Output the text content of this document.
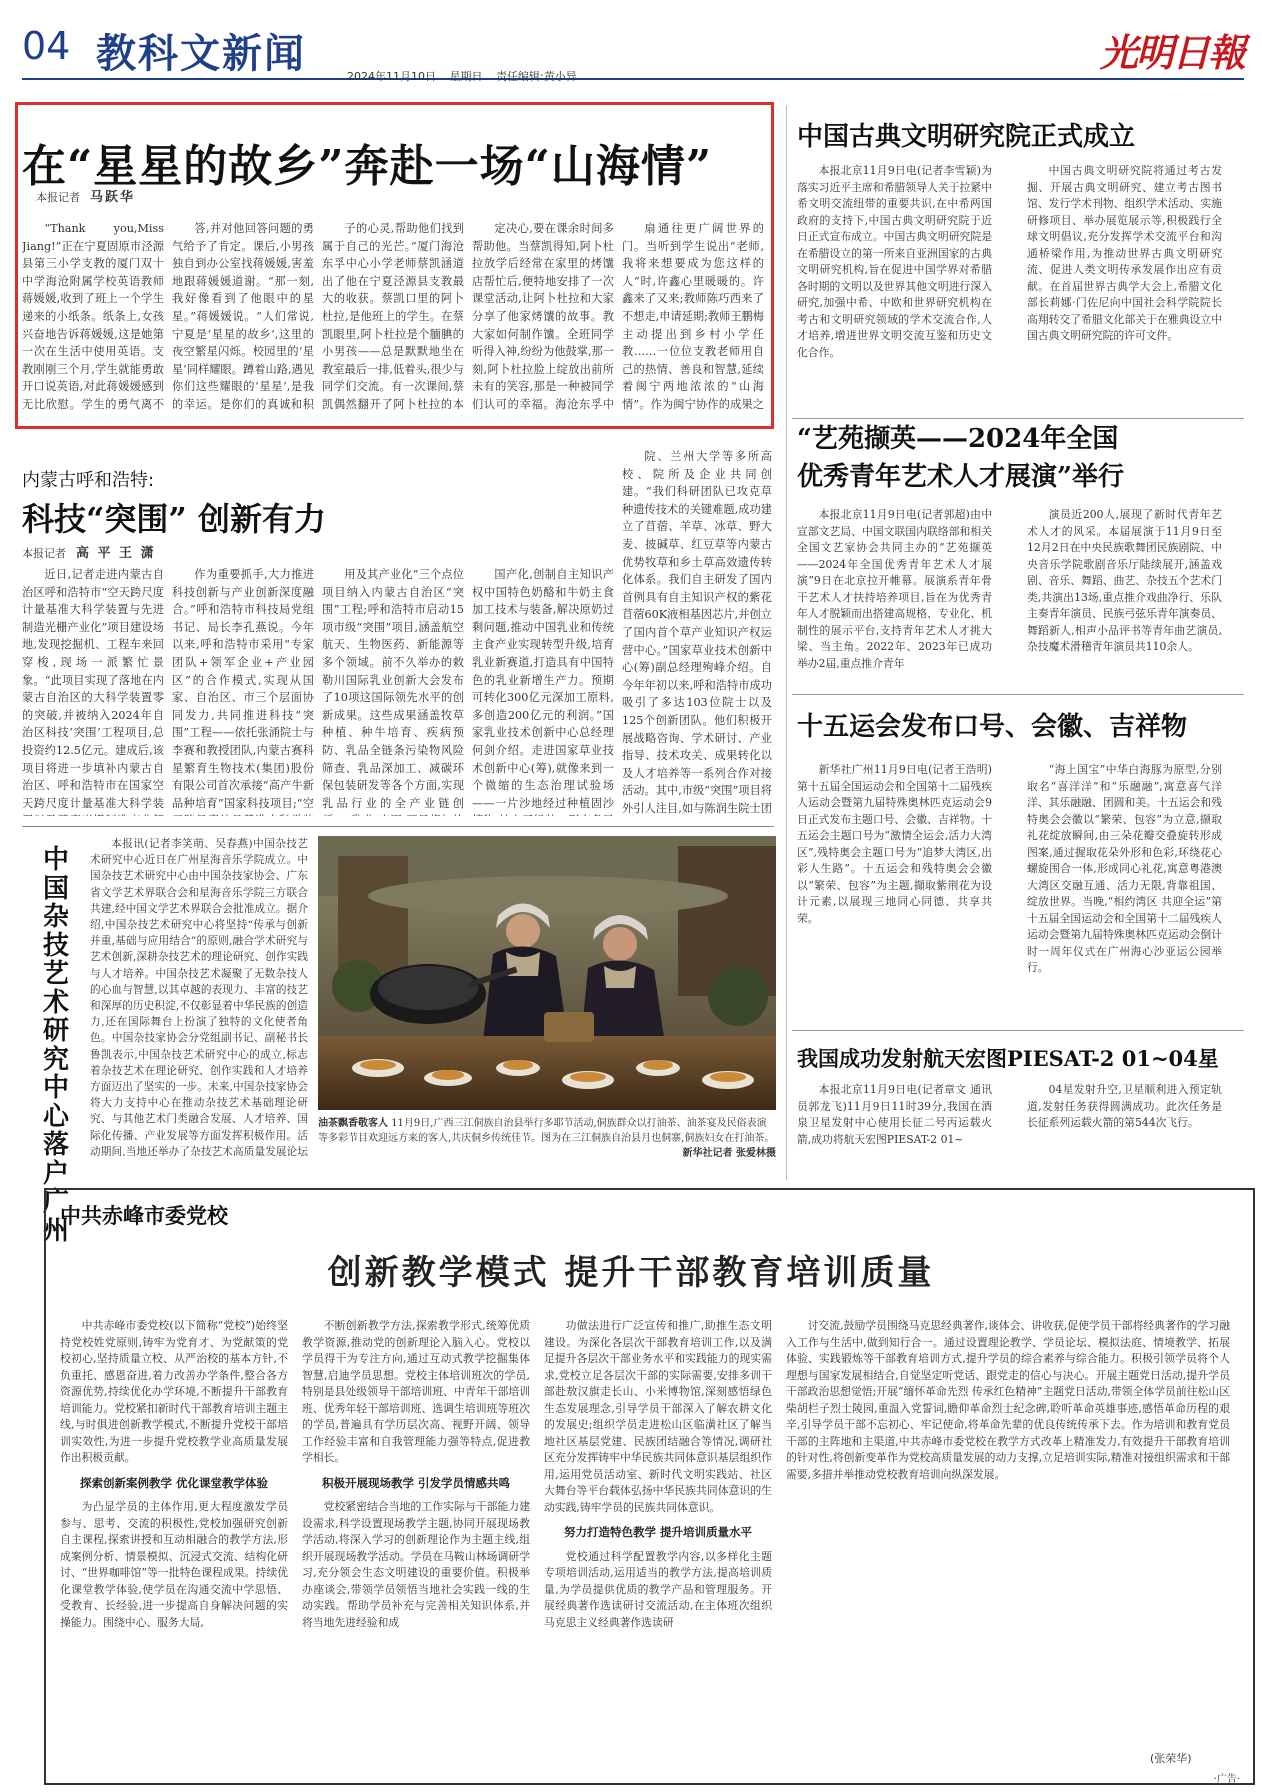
04 教科文新闻	2024年11月10日 星期日 责任编辑:黄小异
光明日報
在“星星的故乡”奔赴一场“山海情”
本报记者 马跃华
“Thank you,Miss Jiang!”正在宁夏固原市泾源县第三小学支教的厦门双十中学海沧附属学校英语教师蒋媛媛,收到了班上一个学生递来的小纸条。纸条上,女孩兴奋地告诉蒋媛媛,这是她第一次在生活中使用英语。支教刚刚三个月,学生就能勇敢开口说英语,对此蒋媛媛感到无比欣慰。学生的勇气离不
答,并对他回答问题的勇气给予了肯定。课后,小男孩独自到办公室找蒋媛媛,害羞地跟蒋媛媛道谢。“那一刻,我好像看到了他眼中的星星。”蒋媛媛说。“人们常说,宁夏是‘星星的故乡’,这里的夜空繁星闪烁。校园里的‘星星’同样耀眼。蹲着山路,遇见你们这些耀眼的‘星星’,是我的幸运。是你们的真诚和积
子的心灵,帮助他们找到属于自己的光芒。”厦门海沧东孚中心小学老师蔡凯涵道出了他在宁夏泾源县支教最大的收获。蔡凯口里的阿卜杜拉,是他班上的学生。在蔡凯眼里,阿卜杜拉是个腼腆的小男孩——总是默默地坐在教室最后一排,低着头,很少与同学们交流。有一次课间,蔡凯偶然翻开了阿卜杜拉的本
定决心,要在课余时间多帮助他。当蔡凯得知,阿卜杜拉放学后经常在家里的烤馕店帮忙后,便特地安排了一次课堂活动,让阿卜杜拉和大家分享了他家烤馕的故事。教大家如何制作馕。全班同学听得入神,纷纷为他鼓掌,那一刻,阿卜杜拉脸上绽放出前所未有的笑容,那是一种被同学们认可的幸福。海沧东孚中
扇通往更广阔世界的门。当听到学生说出“老师,我将来想要成为您这样的人”时,许鑫心里暖暖的。许鑫来了又来;教师陈巧西来了不想走,申请延期;教师王鹏梅主动提出到乡村小学任教……一位位支教老师用自己的热情、善良和智慧,延续着闽宁两地浓浓的“山海情”。作为闽宁协作的成果之
中国古典文明研究院正式成立
本报北京11月9日电(记者李雪颖)为落实习近平主席和希腊领导人关于拉紧中希文明交流纽带的重要共识,在中希两国政府的支持下,中国古典文明研究院于近日正式宣布成立。中国古典文明研究院是在希腊设立的第一所来自亚洲国家的古典文明研究机构,旨在促进中国学界对希腊各时期的文明以及世界其他文明进行深入研究,加强中希、中欧和世界研究机构在考古和文明研究领域的学术交流合作,人才培养,增进世界文明交流互鉴和历史文化合作。
中国古典文明研究院将通过考古发掘、开展古典文明研究、建立考古图书馆、发行学术刊物、组织学术活动、实施研修项目、举办展览展示等,积极践行全球文明倡议,充分发挥学术交流平台和沟通桥梁作用,为推动世界古典文明研究流、促进人类文明传承发展作出应有贡献。在首届世界古典学大会上,希腊文化部长莉娜·门佐尼向中国社会科学院院长高翔转交了希腊文化部关于在雅典设立中国古典文明研究院的许可文件。
“艺苑撷英——2024年全国
优秀青年艺术人才展演”举行
本报北京11月9日电(记者郭超)由中宣部文艺局、中国文联国内联络部和相关全国文艺家协会共同主办的“艺苑撷英——2024年全国优秀青年艺术人才展演”9日在北京拉开帷幕。展演系青年骨干艺术人才扶持培养项目,旨在为优秀青年人才脱颖而出搭建高规格、专业化、机制性的展示平台,支持青年艺术人才挑大梁、当主角。2022年、2023年已成功举办2届,重点推介青年
演员近200人,展现了新时代青年艺术人才的风采。本届展演于11月9日至12月2日在中央民族歌舞团民族剧院、中央音乐学院歌剧音乐厅陆续展开,涵盖戏剧、音乐、舞蹈、曲艺、杂技五个艺术门类,共演出13场,重点推介戏曲净行、乐队主奏青年演员、民族弓弦乐青年演奏员、舞蹈新人,相声小品评书等青年曲艺演员,杂技魔术滑稽青年演员共110余人。
十五运会发布口号、会徽、吉祥物
新华社广州11月9日电(记者王浩明)第十五届全国运动会和全国第十二届残疾人运动会暨第九届特殊奥林匹克运动会9日正式发布主题口号、会徽、吉祥物。十五运会主题口号为“激情全运会,活力大湾区”,残特奥会主题口号为“追梦大湾区,出彩人生路”。十五运会和残特奥会会徽以“繁荣、包容”为主题,擷取紫荆花为设计元素,以展现三地同心同德、共享共荣。
“海上国宝”中华白海豚为原型,分别取名“喜洋洋”和“乐融融”,寓意喜气洋洋、其乐融融、团圆和美。十五运会和残特奥会会徽以“繁荣、包容”为立意,撷取礼花绽放瞬间,由三朵花瓣交叠旋转形成图案,通过握取花朵外形和色彩,环绕花心螺旋围合一体,形成同心礼花,寓意粤港澳大湾区交融互通、活力无限,背靠祖国、绽放世界。当晚,“相约湾区 共迎全运”第十五届全国运动会和全国第十二届残疾人运动会暨第九届特殊奥林匹克运动会倒计时一周年仪式在广州海心沙亚运公园举行。
我国成功发射航天宏图PIESAT-2 01~04星
本报北京11月9日电(记者章文 通讯员郭龙飞)11月9日11时39分,我国在酒泉卫星发射中心使用长征二号丙运载火箭,成功将航天宏图PIESAT-2 01~
04星发射升空,卫星顺利进入预定轨道,发射任务获得圆满成功。此次任务是长征系列运载火箭的第544次飞行。
内蒙古呼和浩特:
科技“突围” 创新有力
本报记者 高 平 王 潇
近日,记者走进内蒙古自治区呼和浩特市“空天跨尺度计量基准大科学装置与先进制造光栅产业化”项目建设场地,发现挖掘机、工程车来回穿梭,现场一派繁忙景象。“此项目实现了落地在内蒙古自治区的大科学装置零的突破,并被纳入2024年自治区科技‘突围’工程项目,总投资约12.5亿元。建成后,该项目将进一步填补内蒙古自治区、呼和浩特市在国家空天跨尺度计量基准大科学装
作为重要抓手,大力推进科技创新与产业创新深度融合。”呼和浩特市科技局党组书记、局长李孔燕说。今年以来,呼和浩特市采用“专家团队+领军企业+产业园区”的合作模式,实现从国家、自治区、市三个层面协同发力,共同推进科技“突围”工程——依托张涌院士与李赛和教授团队,内蒙古赛科星繁育生物技术(集团)股份有限公司首次承接“高产牛新品种培育”国家科技项目;“空
用及其产业化”三个点位项目纳入内蒙古自治区“突围”工程;呼和浩特市启动15项市级“突围”项目,涵盖航空航天、生物医药、新能源等多个领域。前不久举办的敕勒川国际乳业创新大会发布了10项这国际领先水平的创新成果。这些成果涵盖牧草种植、种牛培育、疾病预防、乳品全链条污染物风险筛查、乳品深加工、减碳环保包装研发等各个方面,实现乳品行业的全产业链创
国产化,创制自主知识产权中国特色奶酪和牛奶主食加工技术与装备,解决原奶过剩问题,推动中国乳业和传统主食产业实现转型升级,培育乳业新赛道,打造具有中国特色的乳业新增生产力。预期可转化300亿元深加工原料,多创造200亿元的利润。”国家乳业技术创新中心总经理何剑介绍。走进国家草业技术创新中心(筹),就像来到一个微缩的生态治理试验场——一片沙地经过种植固沙
院、兰州大学等多所高校、院所及企业共同创建。“我们科研团队已攻克草种遗传技术的关键难题,成功建立了苜蓿、羊草、冰草、野大麦、披碱草、红豆草等内蒙古优势牧草和乡土草高效遗传转化体系。我们自主研发了国内首例具有自主知识产权的紫花苜蓿60K液相基因芯片,并创立了国内首个草产业知识产权运营中心。”国家草业技术创新中心(筹)副总经理殉峰介绍。自今年年初以来,呼和浩特市成功吸引了多达103位院士以及125个创新团队。他们积极开展战略咨询、学术研讨、产业指导、技术攻关、成果转化以及人才培养等一系列合作对接活动。其中,市级“突围”项目将外引人注目,如与陈润生院士团
中国杂技艺术研究中心落户广州
本报讯(记者李笑萌、吴春燕)中国杂技艺术研究中心近日在广州星海音乐学院成立。中国杂技艺术研究中心由中国杂技家协会、广东省文学艺术界联合会和星海音乐学院三方联合共建,经中国文学艺术界联合会批准成立。据介绍,中国杂技艺术研究中心将坚持“传承与创新并重,基础与应用结合”的原则,融合学术研究与艺术创新,深耕杂技艺术的理论研究、创作实践与人才培养。中国杂技艺术凝聚了无数杂技人的心血与智慧,以其卓越的表现力、丰富的技艺和深厚的历史积淀,不仅彰显着中华民族的创造力,还在国际舞台上扮演了独特的文化使者角色。中国杂技家协会分党组副书记、副秘书长鲁凯表示,中国杂技艺术研究中心的成立,标志着杂技艺术在理论研究、创作实践和人才培养方面迈出了坚实的一步。未来,中国杂技家协会将大力支持中心在推动杂技艺术基础理论研究、与其他艺术门类融合发展、人才培养、国际化传播、产业发展等方面发挥积极作用。活动期间,当地还举办了杂技艺术高质量发展论坛
油茶飘香敬客人 11月9日,广西三江侗族自治县举行多耶节活动,侗族群众以打油茶、油茶宴及民俗表演等多彩节目欢迎远方来的客人,共庆侗乡传统佳节。图为在三江侗族自治县月也侗寨,侗族妇女在打油茶。
新华社记者 张爱林摄
中共赤峰市委党校
创新教学模式 提升干部教育培训质量

中共赤峰市委党校(以下简称“党校”)始终坚持党校姓党原则,铸牢为党育才、为党献策的党校初心,坚持质量立校、从严治校的基本方针,不负重托、感恩奋进,着力改善办学条件,整合各方资源优势,持续优化办学环境,不断提升干部教育培训能力。党校紧扣新时代干部教育培训主题主线,与时俱进创新教学模式,不断提升党校干部培训实效性,为进一步提升党校教学业高质量发展作出积极贡献。

探索创新案例教学 优化课堂教学体验

为凸显学员的主体作用,更大程度激发学员参与、思考、交流的积极性,党校加强研究创新自主课程,探索讲授和互动相融合的教学方法,形成案例分析、情景模拟、沉浸式交流、结构化研讨、“世界咖啡馆”等一批特色课程成果。持续优化课堂教学体验,使学员在沟通交流中学思悟、受教育、长经验,进一步提高自身解决问题的实操能力。围绕中心、服务大局,

不断创新教学方法,探索教学形式,统筹优质教学资源,推动党的创新理论入脑入心。党校以学员得干为专注方向,通过互动式教学挖掘集体智慧,启迪学员思想。党校主体培训班次的学员,特别是县处级领导干部培训班、中青年干部培训班、优秀年轻干部培训班、选调生培训班等班次的学员,普遍具有学历层次高、视野开阔、领导工作经验丰富和自我管理能力强等特点,促进教学相长。

积极开展现场教学 引发学员情感共鸣

党校紧密结合当地的工作实际与干部能力建设需求,科学设置现场教学主题,协同开展现场教学活动,将深入学习的创新理论作为主题主线,组织开展现场教学活动。学员在马鞍山林场调研学习,充分领会生态文明建设的重要价值。积极举办座谈会,带领学员领悟当地社会实践一线的生动实践。帮助学员补充与完善相关知识体系,并将当地先进经验和成

功做法进行广泛宣传和推广,助推生态文明建设。为深化各层次干部教育培训工作,以及满足提升各层次干部业务水平和实践能力的现实需求,党校立足各层次干部的实际需要,安排多训干部赴敖汉旗走长山、小米博物馆,深刻感悟绿色生态发展理念,引导学员干部深入了解农耕文化的发展史;组织学员走进松山区临潢社区了解当地社区基层党建、民族团结融合等情况,调研社区充分发挥铸牢中华民族共同体意识基层组织作用,运用党员活动室、新时代文明实践站、社区大舞台等平台载体弘扬中华民族共同体意识的生动实践,铸牢学员的民族共同体意识。

努力打造特色教学 提升培训质量水平

党校通过科学配置教学内容,以多样化主题专项培训活动,运用适当的教学方法,提高培训质量,为学员提供优质的教学产品和管理服务。开展经典著作选读研讨交流活动,在主体班次组织马克思主义经典著作选读研

讨交流,鼓励学员围绕马克思经典著作,谈体会、讲收获,促使学员干部将经典著作的学习融入工作与生活中,做到知行合一。通过设置理论教学、学员论坛、模拟法庭、情境教学、拓展体验、实践锻炼等干部教育培训方式,提升学员的综合素养与综合能力。积极引领学员将个人理想与国家发展相结合,自觉坚定听党话、跟党走的信心与决心。开展主题党日活动,提升学员干部政治思想觉悟;开展“缅怀革命先烈 传承红色精神”主题党日活动,带领全体学员前往松山区柴胡栏子烈士陵园,重温入党誓词,瞻仰革命烈士纪念碑,聆听革命英雄事迹,感悟革命历程的艰辛,引导学员干部不忘初心、牢记使命,将革命先辈的优良传统传承下去。作为培训和教育党员干部的主阵地和主渠道,中共赤峰市委党校在教学方式改革上精准发力,有效提升干部教育培训的针对性,将创新变革作为党校高质量发展的动力支撑,立足培训实际,精准对接组织需求和干部需要,多措并举推动党校教育培训向纵深发展。

(张荣华)
·广告·
